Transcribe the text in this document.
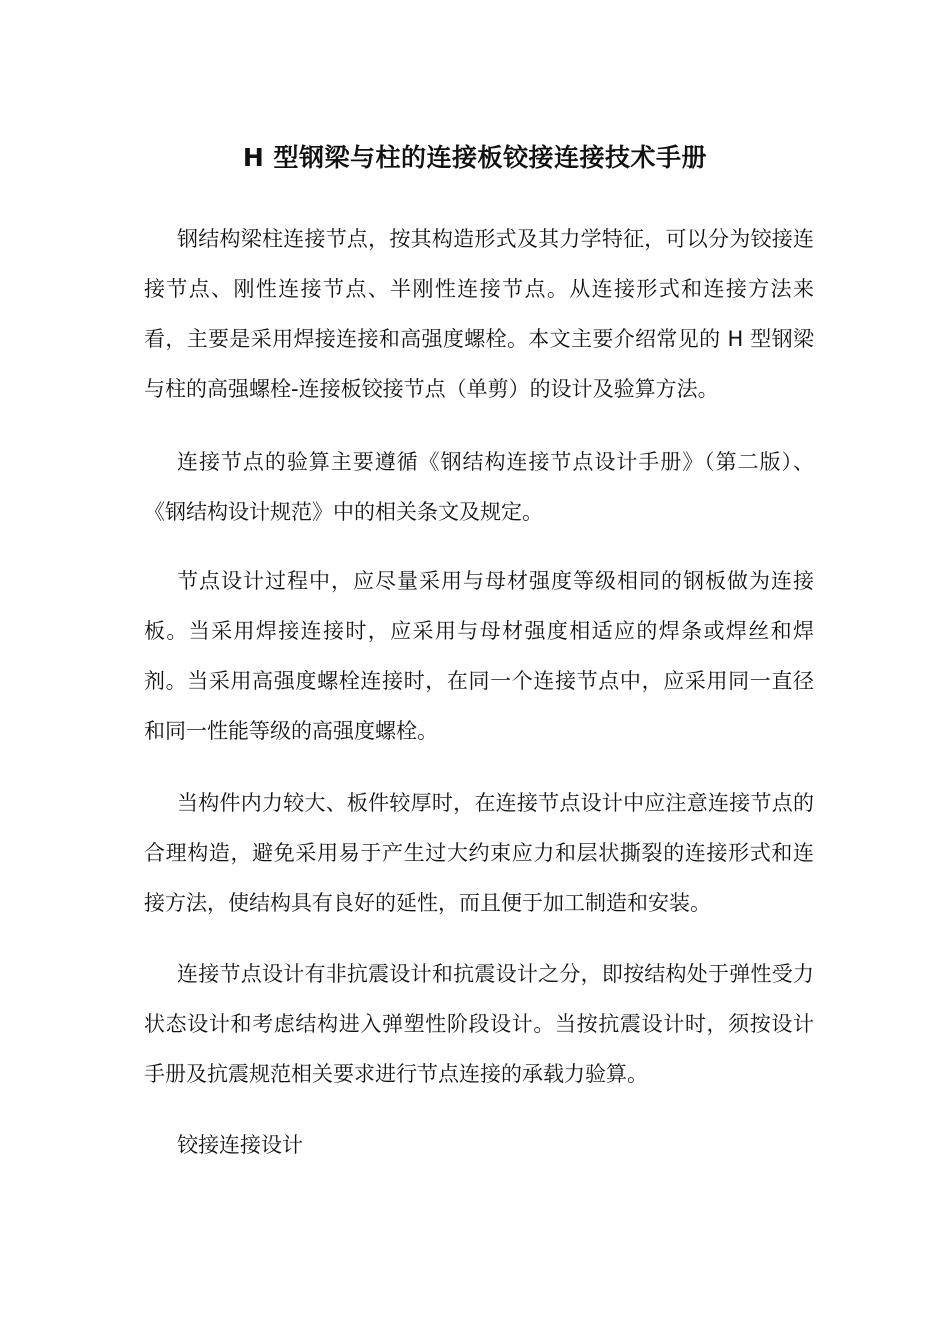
H 型钢梁与柱的连接板铰接连接技术手册

钢结构梁柱连接节点，按其构造形式及其力学特征，可以分为铰接连接节点、刚性连接节点、半刚性连接节点。从连接形式和连接方法来看，主要是采用焊接连接和高强度螺栓。本文主要介绍常见的 H 型钢梁与柱的高强螺栓-连接板铰接节点（单剪）的设计及验算方法。

连接节点的验算主要遵循《钢结构连接节点设计手册》（第二版）、《钢结构设计规范》中的相关条文及规定。

节点设计过程中，应尽量采用与母材强度等级相同的钢板做为连接板。当采用焊接连接时，应采用与母材强度相适应的焊条或焊丝和焊剂。当采用高强度螺栓连接时，在同一个连接节点中，应采用同一直径和同一性能等级的高强度螺栓。

当构件内力较大、板件较厚时，在连接节点设计中应注意连接节点的合理构造，避免采用易于产生过大约束应力和层状撕裂的连接形式和连接方法，使结构具有良好的延性，而且便于加工制造和安装。

连接节点设计有非抗震设计和抗震设计之分，即按结构处于弹性受力状态设计和考虑结构进入弹塑性阶段设计。当按抗震设计时，须按设计手册及抗震规范相关要求进行节点连接的承载力验算。

铰接连接设计
